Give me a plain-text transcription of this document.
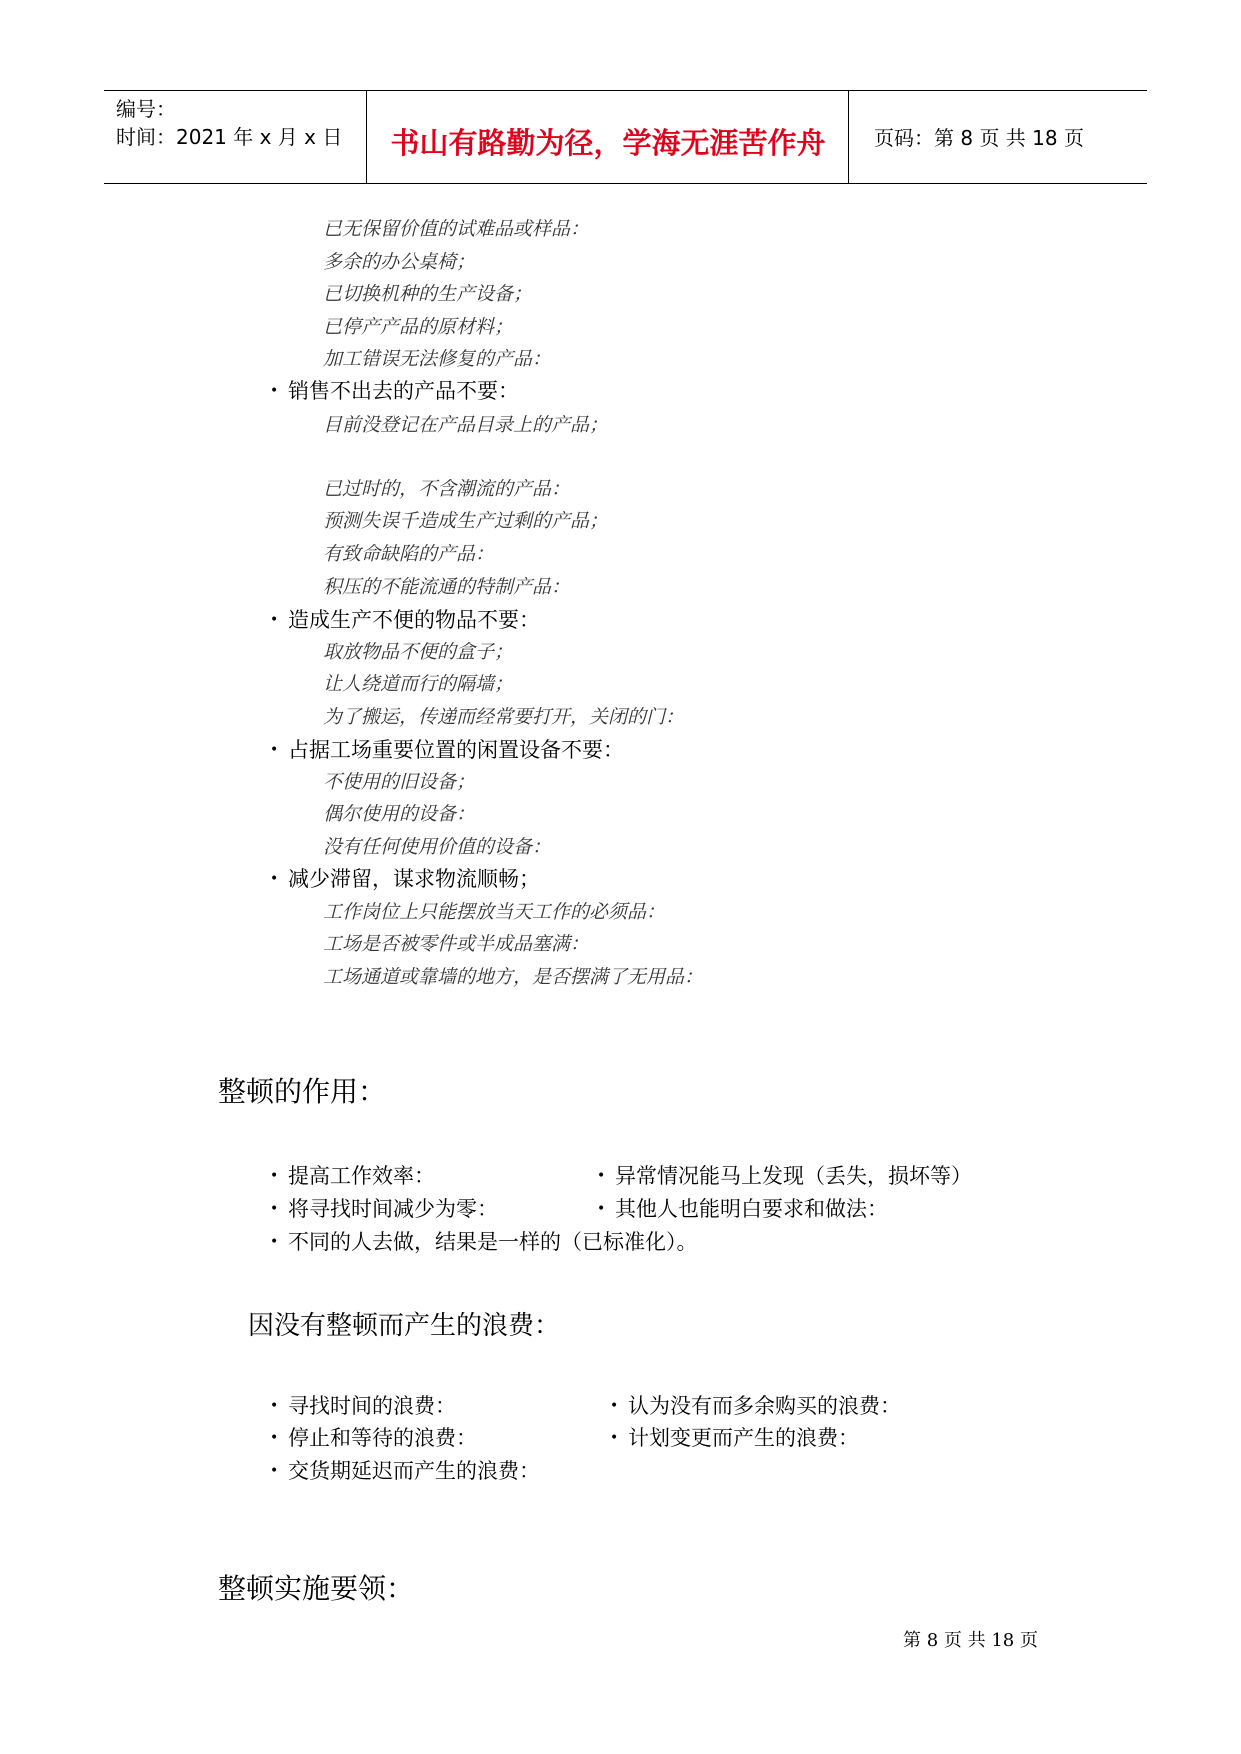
编号：
时间：2021 年 x 月 x 日	书山有路勤为径，学海无涯苦作舟	页码：第 8 页 共 18 页
已无保留价值的试难品或样品：
多余的办公桌椅；
已切换机种的生产设备；
已停产产品的原材料；
加工错误无法修复的产品：
• 销售不出去的产品不要：
目前没登记在产品目录上的产品；
已过时的，不含潮流的产品：
预测失误千造成生产过剩的产品；
有致命缺陷的产品：
积压的不能流通的特制产品：
• 造成生产不便的物品不要：
取放物品不便的盒子；
让人绕道而行的隔墙；
为了搬运，传递而经常要打开，关闭的门：
• 占据工场重要位置的闲置设备不要：
不使用的旧设备；
偶尔使用的设备：
没有任何使用价值的设备：
• 减少滞留，谋求物流顺畅；
工作岗位上只能摆放当天工作的必须品：
工场是否被零件或半成品塞满：
工场通道或靠墙的地方，是否摆满了无用品：
整顿的作用：
• 提高工作效率：	• 异常情况能马上发现（丢失，损坏等）
• 将寻找时间减少为零：	• 其他人也能明白要求和做法：
• 不同的人去做，结果是一样的（已标准化）。
因没有整顿而产生的浪费：
• 寻找时间的浪费：	• 认为没有而多余购买的浪费：
• 停止和等待的浪费：	• 计划变更而产生的浪费：
• 交货期延迟而产生的浪费：
整顿实施要领：
第 8 页 共 18 页
